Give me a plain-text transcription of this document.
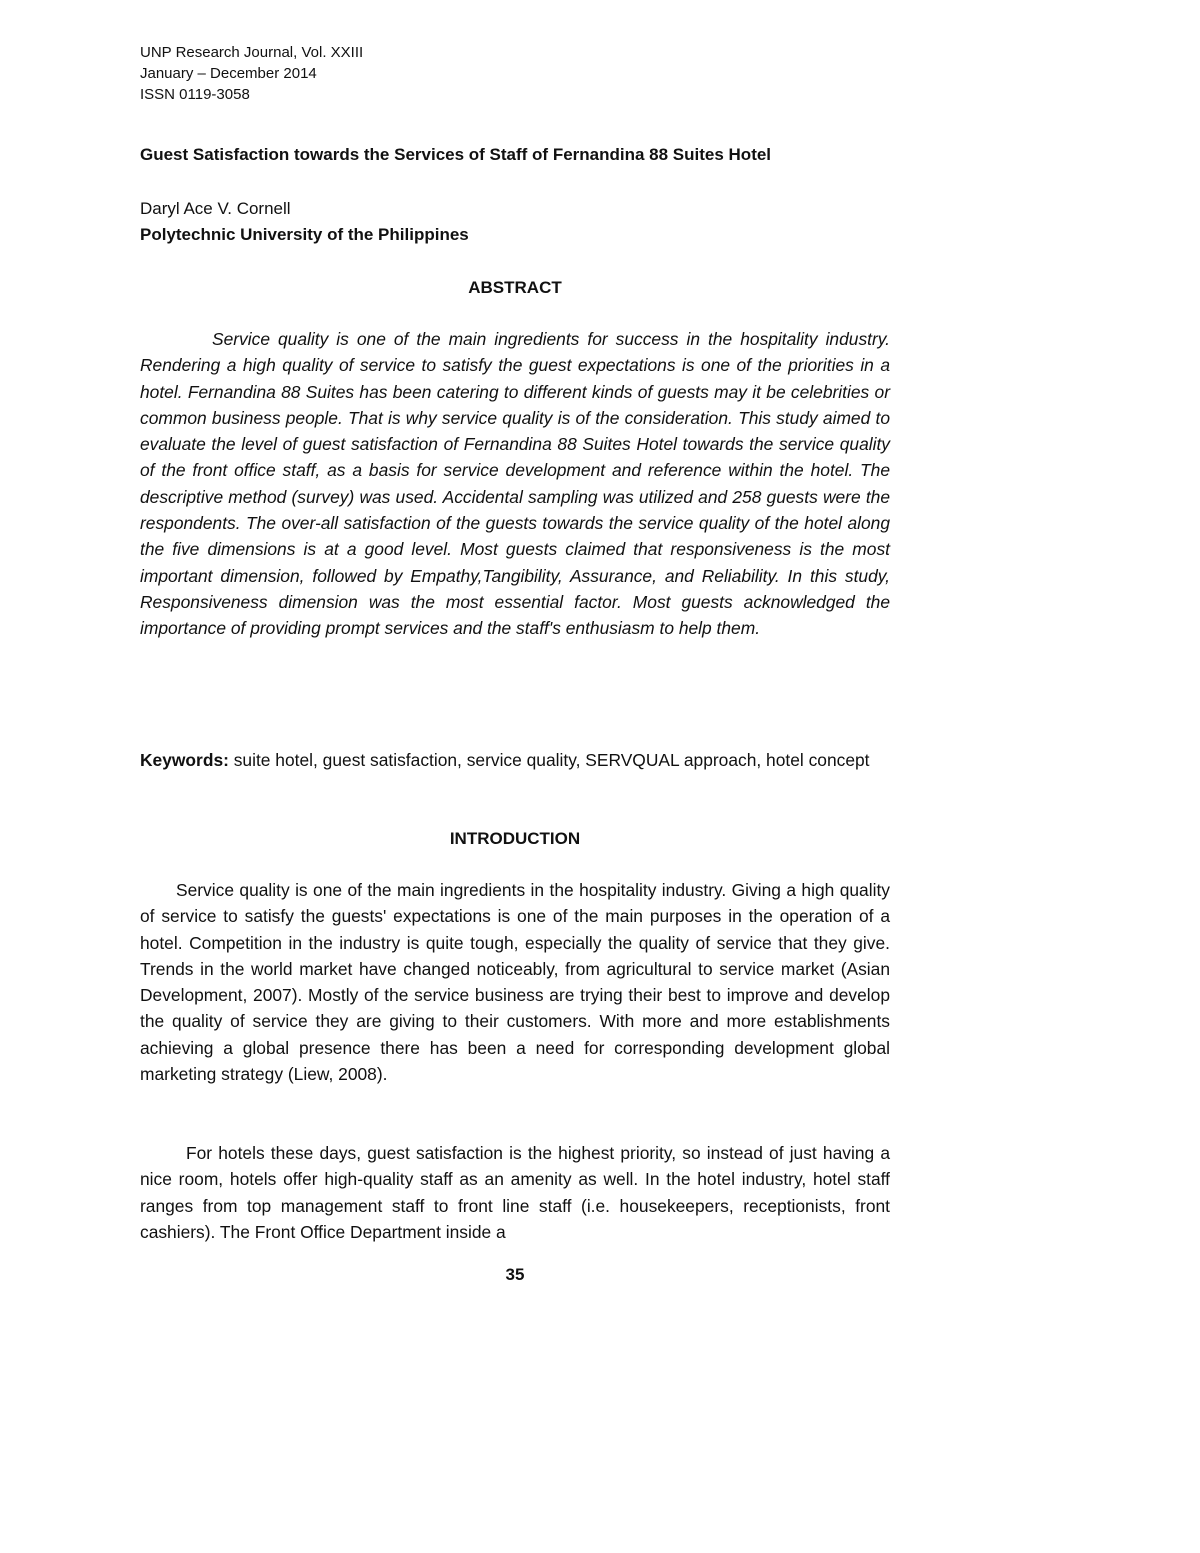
UNP Research Journal, Vol. XXIII
January – December 2014
ISSN 0119-3058
Guest Satisfaction towards the Services of Staff of Fernandina 88 Suites Hotel
Daryl Ace V. Cornell
Polytechnic University of the Philippines
ABSTRACT
Service quality is one of the main ingredients for success in the hospitality industry. Rendering a high quality of service to satisfy the guest expectations is one of the priorities in a hotel. Fernandina 88 Suites has been catering to different kinds of guests may it be celebrities or common business people. That is why service quality is of the consideration. This study aimed to evaluate the level of guest satisfaction of Fernandina 88 Suites Hotel towards the service quality of the front office staff, as a basis for service development and reference within the hotel. The descriptive method (survey) was used. Accidental sampling was utilized and 258 guests were the respondents. The over-all satisfaction of the guests towards the service quality of the hotel along the five dimensions is at a good level. Most guests claimed that responsiveness is the most important dimension, followed by Empathy,Tangibility, Assurance, and Reliability. In this study, Responsiveness dimension was the most essential factor. Most guests acknowledged the importance of providing prompt services and the staff's enthusiasm to help them.
Keywords: suite hotel, guest satisfaction, service quality, SERVQUAL approach, hotel concept
INTRODUCTION
Service quality is one of the main ingredients in the hospitality industry. Giving a high quality of service to satisfy the guests' expectations is one of the main purposes in the operation of a hotel. Competition in the industry is quite tough, especially the quality of service that they give. Trends in the world market have changed noticeably, from agricultural to service market (Asian Development, 2007). Mostly of the service business are trying their best to improve and develop the quality of service they are giving to their customers. With more and more establishments achieving a global presence there has been a need for corresponding development global marketing strategy (Liew, 2008).
For hotels these days, guest satisfaction is the highest priority, so instead of just having a nice room, hotels offer high-quality staff as an amenity as well. In the hotel industry, hotel staff ranges from top management staff to front line staff (i.e. housekeepers, receptionists, front cashiers). The Front Office Department inside a
35
